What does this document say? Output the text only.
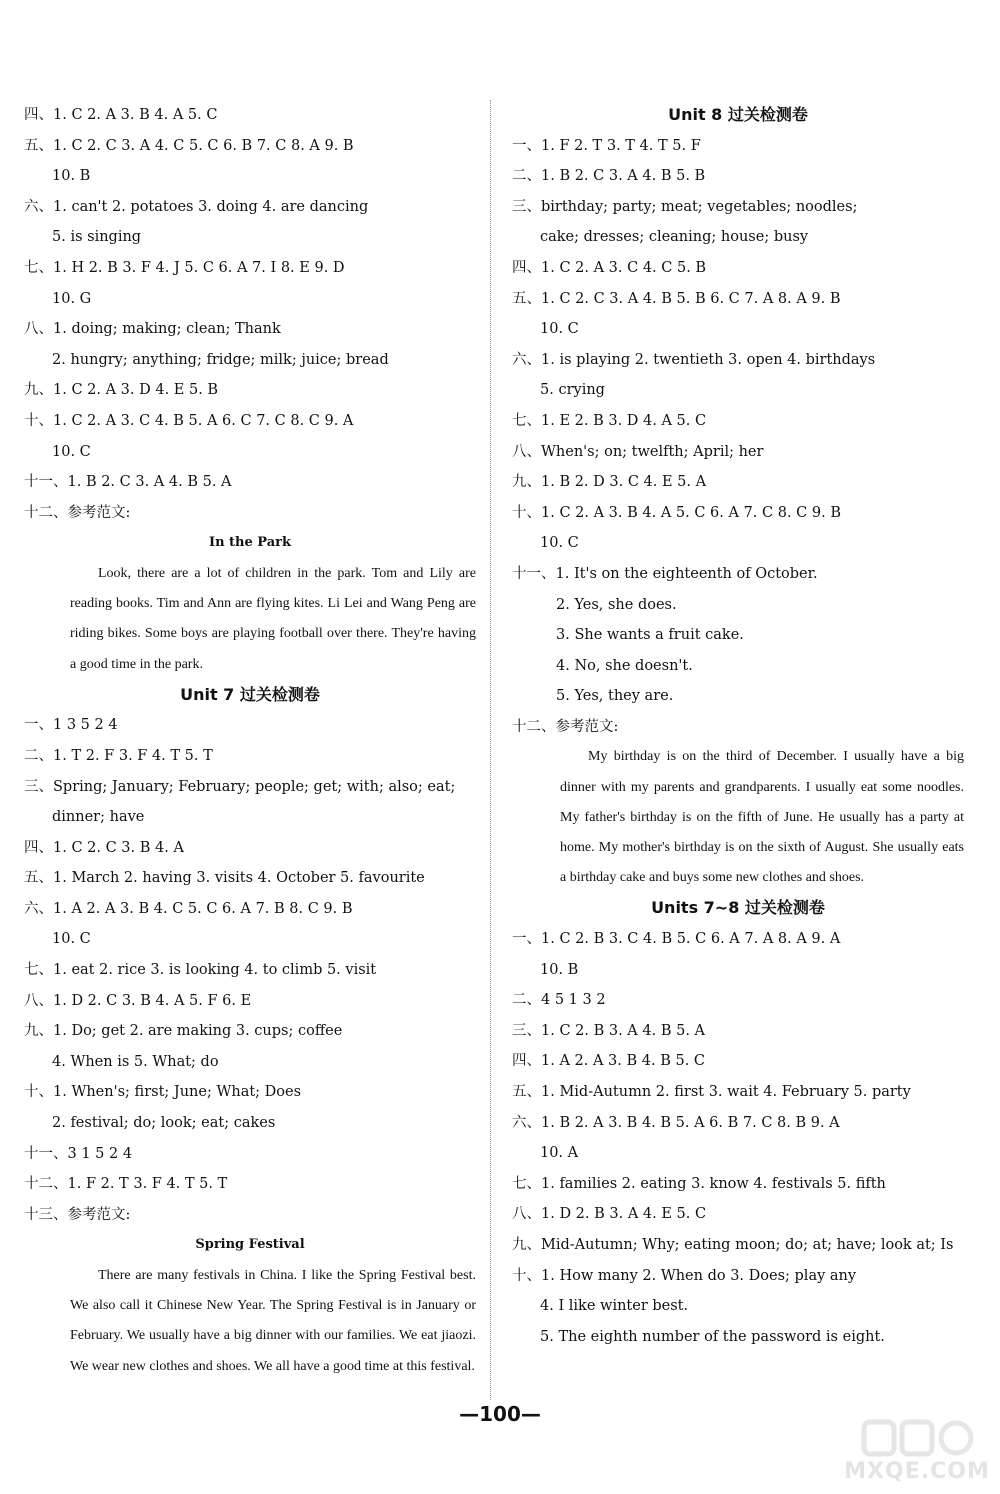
四、1. C 2. A 3. B 4. A 5. C
五、1. C 2. C 3. A 4. C 5. C 6. B 7. C 8. A 9. B
10. B
六、1. can't 2. potatoes 3. doing 4. are dancing
5. is singing
七、1. H 2. B 3. F 4. J 5. C 6. A 7. I 8. E 9. D
10. G
八、1. doing; making; clean; Thank
2. hungry; anything; fridge; milk; juice; bread
九、1. C 2. A 3. D 4. E 5. B
十、1. C 2. A 3. C 4. B 5. A 6. C 7. C 8. C 9. A
10. C
十一、1. B 2. C 3. A 4. B 5. A
十二、参考范文:
In the Park
Look, there are a lot of children in the park. Tom and Lily are reading books. Tim and Ann are flying kites. Li Lei and Wang Peng are riding bikes. Some boys are playing football over there. They're having a good time in the park.
Unit 7 过关检测卷
一、1 3 5 2 4
二、1. T 2. F 3. F 4. T 5. T
三、Spring; January; February; people; get; with; also; eat;
dinner; have
四、1. C 2. C 3. B 4. A
五、1. March 2. having 3. visits 4. October 5. favourite
六、1. A 2. A 3. B 4. C 5. C 6. A 7. B 8. C 9. B
10. C
七、1. eat 2. rice 3. is looking 4. to climb 5. visit
八、1. D 2. C 3. B 4. A 5. F 6. E
九、1. Do; get 2. are making 3. cups; coffee
4. When is 5. What; do
十、1. When's; first; June; What; Does
2. festival; do; look; eat; cakes
十一、3 1 5 2 4
十二、1. F 2. T 3. F 4. T 5. T
十三、参考范文:
Spring Festival
There are many festivals in China. I like the Spring Festival best. We also call it Chinese New Year. The Spring Festival is in January or February. We usually have a big dinner with our families. We eat jiaozi. We wear new clothes and shoes. We all have a good time at this festival.
Unit 8 过关检测卷
一、1. F 2. T 3. T 4. T 5. F
二、1. B 2. C 3. A 4. B 5. B
三、birthday; party; meat; vegetables; noodles;
cake; dresses; cleaning; house; busy
四、1. C 2. A 3. C 4. C 5. B
五、1. C 2. C 3. A 4. B 5. B 6. C 7. A 8. A 9. B
10. C
六、1. is playing 2. twentieth 3. open 4. birthdays
5. crying
七、1. E 2. B 3. D 4. A 5. C
八、When's; on; twelfth; April; her
九、1. B 2. D 3. C 4. E 5. A
十、1. C 2. A 3. B 4. A 5. C 6. A 7. C 8. C 9. B
10. C
十一、1. It's on the eighteenth of October.
2. Yes, she does.
3. She wants a fruit cake.
4. No, she doesn't.
5. Yes, they are.
十二、参考范文:
My birthday is on the third of December. I usually have a big dinner with my parents and grandparents. I usually eat some noodles. My father's birthday is on the fifth of June. He usually has a party at home. My mother's birthday is on the sixth of August. She usually eats a birthday cake and buys some new clothes and shoes.
Units 7~8 过关检测卷
一、1. C 2. B 3. C 4. B 5. C 6. A 7. A 8. A 9. A
10. B
二、4 5 1 3 2
三、1. C 2. B 3. A 4. B 5. A
四、1. A 2. A 3. B 4. B 5. C
五、1. Mid-Autumn 2. first 3. wait 4. February 5. party
六、1. B 2. A 3. B 4. B 5. A 6. B 7. C 8. B 9. A
10. A
七、1. families 2. eating 3. know 4. festivals 5. fifth
八、1. D 2. B 3. A 4. E 5. C
九、Mid-Autumn; Why; eating moon; do; at; have; look at; Is
十、1. How many 2. When do 3. Does; play any
4. I like winter best.
5. The eighth number of the password is eight.
—100—
MXQE.COM
